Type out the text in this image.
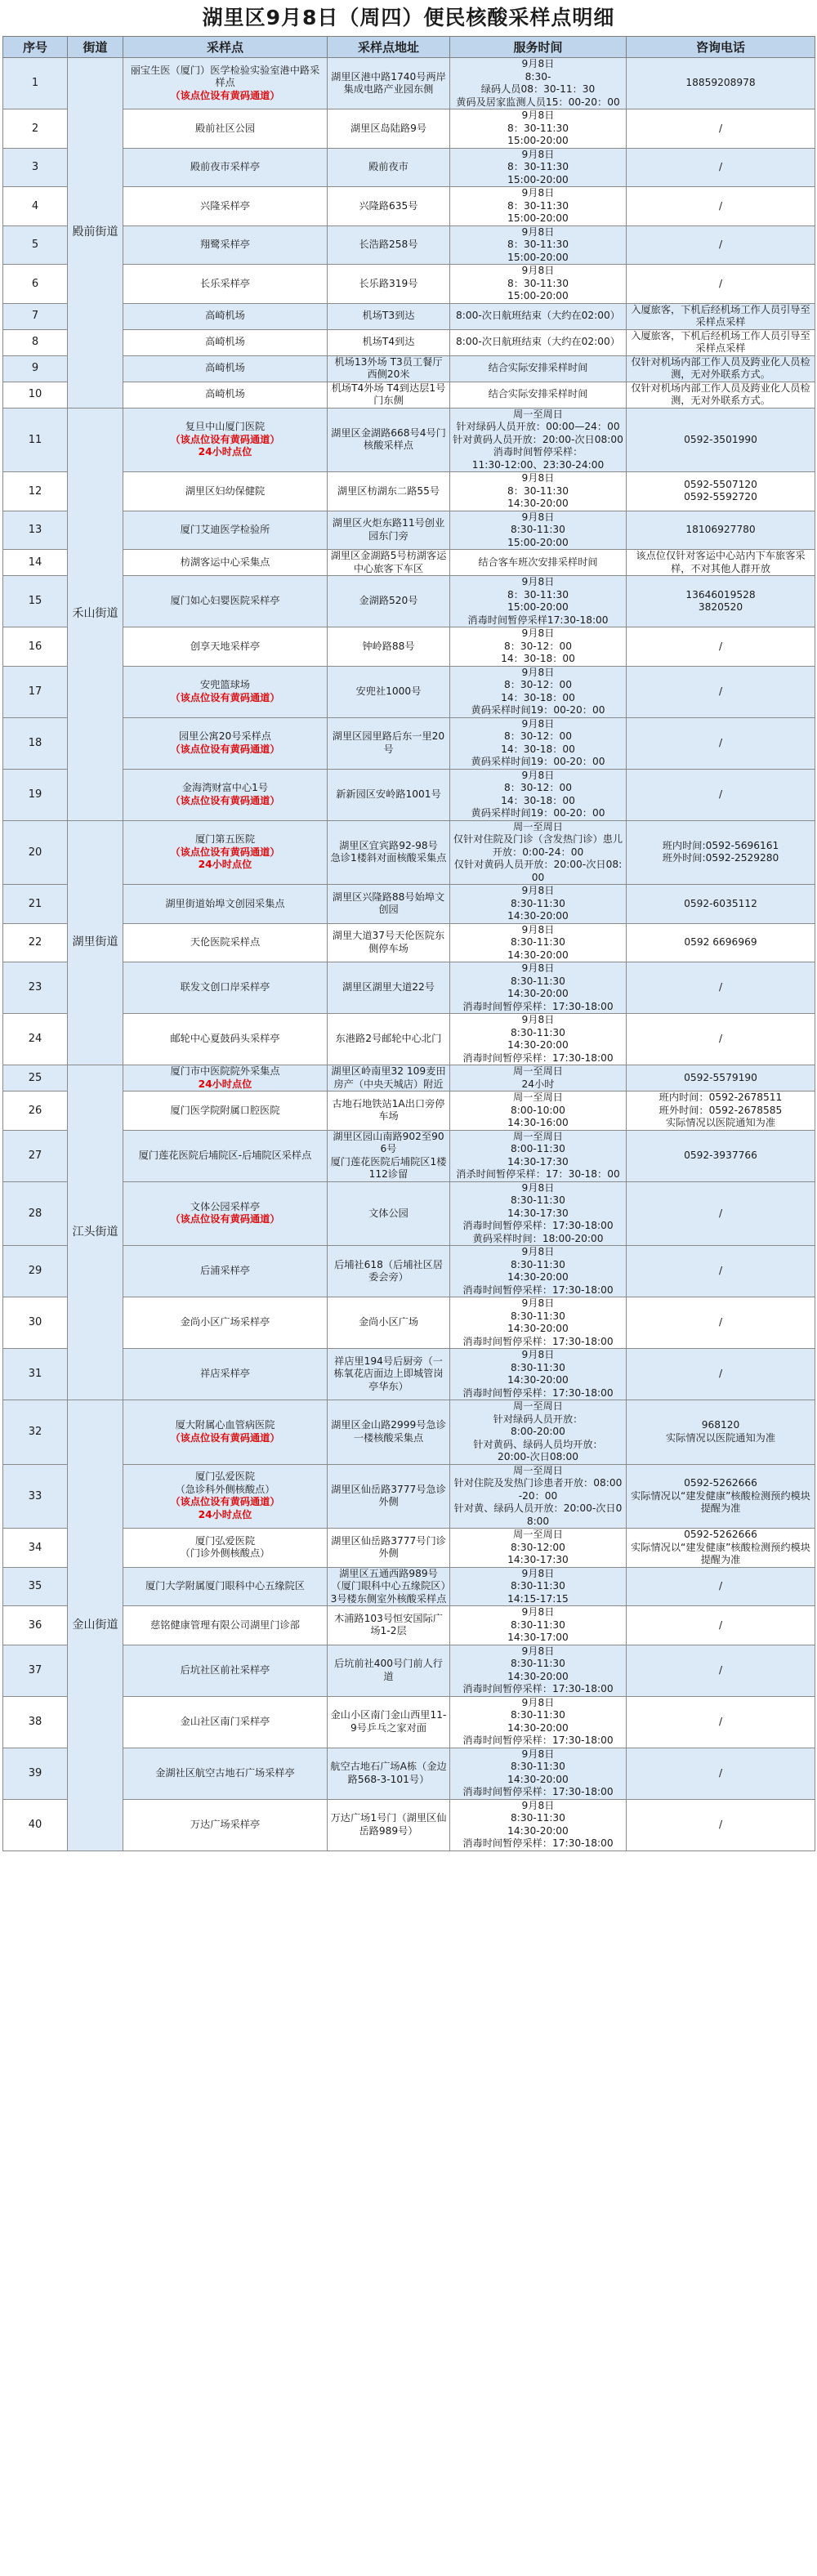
湖里区9月8日（周四）便民核酸采样点明细
序号	街道	采样点	采样点地址	服务时间	咨询电话
1	殿前街道	丽宝生医（厦门）医学检验实验室港中路采样点
（该点位设有黄码通道）	湖里区港中路1740号两岸集成电路产业园东侧	9月8日
8:30-
绿码人员08：30-11：30
黄码及居家监测人员15：00-20：00	18859208978

2		殿前社区公园	湖里区岛陆路9号	9月8日
8：30-11:30
15:00-20:00	/

3		殿前夜市采样亭	殿前夜市	9月8日
8：30-11:30
15:00-20:00	/

4		兴隆采样亭	兴隆路635号	9月8日
8：30-11:30
15:00-20:00	/

5		翔鹭采样亭	长浩路258号	9月8日
8：30-11:30
15:00-20:00	/

6		长乐采样亭	长乐路319号	9月8日
8：30-11:30
15:00-20:00	/

7		高崎机场	机场T3到达	8:00-次日航班结束（大约在02:00）	入厦旅客，下机后经机场工作人员引导至采样点采样

8		高崎机场	机场T4到达	8:00-次日航班结束（大约在02:00）	入厦旅客，下机后经机场工作人员引导至采样点采样

9		高崎机场	机场13外场 T3员工餐厅西侧20米	结合实际安排采样时间	仅针对机场内部工作人员及跨业化人员检测，无对外联系方式。

10		高崎机场	机场T4外场 T4到达层1号门东侧	结合实际安排采样时间	仅针对机场内部工作人员及跨业化人员检测，无对外联系方式。

11	禾山街道	复旦中山厦门医院
（该点位设有黄码通道）
24小时点位	湖里区金湖路668号4号门核酸采样点	周一至周日
针对绿码人员开放：00:00—24：00
针对黄码人员开放：20:00-次日08:00
消毒时间暂停采样：
11:30-12:00、23:30-24:00	0592-3501990

12		湖里区妇幼保健院	湖里区枋湖东二路55号	9月8日
8：30-11:30
14:30-20:00	0592-5507120
0592-5592720

13		厦门艾迪医学检验所	湖里区火炬东路11号创业园东门旁	9月8日
8:30-11:30
15:00-20:00	18106927780

14		枋湖客运中心采集点	湖里区金湖路5号枋湖客运中心旅客下车区	结合客车班次安排采样时间	该点位仅针对客运中心站内下车旅客采样，不对其他人群开放

15		厦门如心妇婴医院采样亭	金湖路520号	9月8日
8：30-11:30
15:00-20:00
消毒时间暂停采样17:30-18:00	13646019528
3820520

16		创享天地采样亭	钟岭路88号	9月8日
8：30-12：00
14：30-18：00	/

17		安兜篮球场
（该点位设有黄码通道）	安兜社1000号	9月8日
8：30-12：00
14：30-18：00
黄码采样时间19：00-20：00	/

18		园里公寓20号采样点
（该点位设有黄码通道）	湖里区园里路后东一里20号	9月8日
8：30-12：00
14：30-18：00
黄码采样时间19：00-20：00	/

19		金海湾财富中心1号
（该点位设有黄码通道）	新新园区安岭路1001号	9月8日
8：30-12：00
14：30-18：00
黄码采样时间19：00-20：00	/

20	湖里街道	厦门第五医院
（该点位设有黄码通道）
24小时点位	湖里区宜宾路92-98号
急诊1楼斜对面核酸采集点	周一至周日
仅针对住院及门诊（含发热门诊）患儿开放：0:00-24：00
仅针对黄码人员开放：20:00-次日08:00	班内时间:0592-5696161
班外时间:0592-2529280

21		湖里街道始埠文创园采集点	湖里区兴隆路88号始埠文创园	9月8日
8:30-11:30
14:30-20:00	0592-6035112

22		天伦医院采样点	湖里大道37号天伦医院东侧停车场	9月8日
8:30-11:30
14:30-20:00	0592 6696969

23		联发文创口岸采样亭	湖里区湖里大道22号	9月8日
8:30-11:30
14:30-20:00
消毒时间暂停采样：17:30-18:00	/

24		邮轮中心夏鼓码头采样亭	东港路2号邮轮中心北门	9月8日
8:30-11:30
14:30-20:00
消毒时间暂停采样：17:30-18:00	/

25	江头街道	厦门市中医院院外采集点
24小时点位	湖里区岭南里32 109麦田房产（中央天城店）附近	周一至周日
24小时	0592-5579190

26		厦门医学院附属口腔医院	古地石地铁站1A出口旁停车场	周一至周日
8:00-10:00
14:30-16:00	班内时间：0592-2678511
班外时间：0592-2678585
实际情况以医院通知为准

27		厦门莲花医院后埔院区-后埔院区采样点	湖里区园山南路902至906号
厦门莲花医院后埔院区1楼112诊留	周一至周日
8:00-11:30
14:30-17:30
消杀时间暂停采样：17：30-18：00	0592-3937766

28		文体公园采样亭
（该点位设有黄码通道）	文体公园	9月8日
8:30-11:30
14:30-17:30
消毒时间暂停采样：17:30-18:00
黄码采样时间：18:00-20:00	/

29		后浦采样亭	后埔社618（后埔社区居委会旁）	9月8日
8:30-11:30
14:30-20:00
消毒时间暂停采样：17:30-18:00	/

30		金尚小区广场采样亭	金尚小区广场	9月8日
8:30-11:30
14:30-20:00
消毒时间暂停采样：17:30-18:00	/

31		祥店采样亭	祥店里194号后厨旁（一栋氧花店面边上即城管岗亭华东）	9月8日
8:30-11:30
14:30-20:00
消毒时间暂停采样：17:30-18:00	/

32	金山街道	厦大附属心血管病医院
（该点位设有黄码通道）	湖里区金山路2999号急诊一楼核酸采集点	周一至周日
针对绿码人员开放：
8:00-20:00
针对黄码、绿码人员均开放：
20:00-次日08:00	968120
实际情况以医院通知为准

33		厦门弘爱医院
（急诊科外侧核酸点）
（该点位设有黄码通道）
24小时点位	湖里区仙岳路3777号急诊外侧	周一至周日
针对住院及发热门诊患者开放：08:00-20：00
针对黄、绿码人员开放：20:00-次日08:00	0592-5262666
实际情况以“建发健康”核酸检测预约模块提醒为准

34		厦门弘爱医院
（门诊外侧核酸点）	湖里区仙岳路3777号门诊外侧	周一至周日
8:30-12:00
14:30-17:30	0592-5262666
实际情况以“建发健康”核酸检测预约模块提醒为准

35		厦门大学附属厦门眼科中心五缘院区	湖里区五通西路989号（厦门眼科中心五缘院区）3号楼东侧室外核酸采样点	9月8日
8:30-11:30
14:15-17:15	/

36		慈铭健康管理有限公司湖里门诊部	木浦路103号恒安国际广场1-2层	9月8日
8:30-11:30
14:30-17:00	/

37		后坑社区前社采样亭	后坑前社400号门前人行道	9月8日
8:30-11:30
14:30-20:00
消毒时间暂停采样：17:30-18:00	/

38		金山社区南门采样亭	金山小区南门金山西里11-9号乒乓之家对面	9月8日
8:30-11:30
14:30-20:00
消毒时间暂停采样：17:30-18:00	/

39		金湖社区航空古地石广场采样亭	航空古地石广场A栋（金边路568-3-101号）	9月8日
8:30-11:30
14:30-20:00
消毒时间暂停采样：17:30-18:00	/

40		万达广场采样亭	万达广场1号门（湖里区仙岳路989号）	9月8日
8:30-11:30
14:30-20:00
消毒时间暂停采样：17:30-18:00	/
